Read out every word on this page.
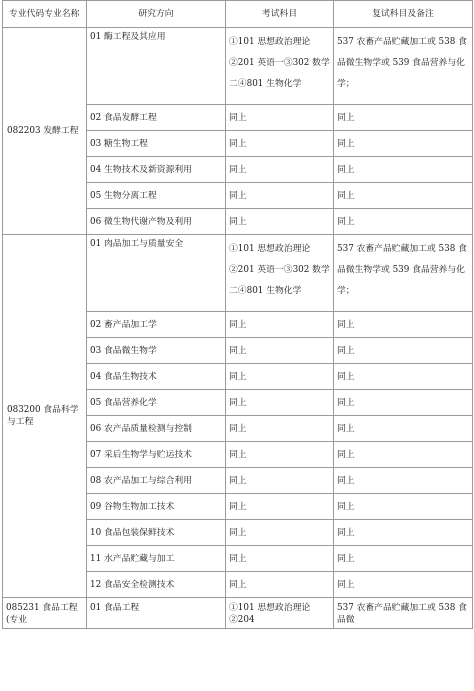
专业代码专业名称	研究方向	考试科目	复试科目及备注
082203 发酵工程	01 酶工程及其应用	①101 思想政治理论②201 英语一③302 数学二④801 生物化学	537 农畜产品贮藏加工或 538 食品微生物学或 539 食品营养与化学；
	02 食品发酵工程	同上	同上
	03 糖生物工程	同上	同上
	04 生物技术及新资源利用	同上	同上
	05 生物分离工程	同上	同上
	06 微生物代谢产物及利用	同上	同上
083200 食品科学与工程	01 肉品加工与质量安全	①101 思想政治理论②201 英语一③302 数学二④801 生物化学	537 农畜产品贮藏加工或 538 食品微生物学或 539 食品营养与化学；
	02 畜产品加工学	同上	同上
	03 食品微生物学	同上	同上
	04 食品生物技术	同上	同上
	05 食品营养化学	同上	同上
	06 农产品质量检测与控制	同上	同上
	07 采后生物学与贮运技术	同上	同上
	08 农产品加工与综合利用	同上	同上
	09 谷物生物加工技术	同上	同上
	10 食品包装保鲜技术	同上	同上
	11 水产品贮藏与加工	同上	同上
	12 食品安全检测技术	同上	同上
085231 食品工程(专业	01 食品工程	①101 思想政治理论②204	537 农畜产品贮藏加工或 538 食品微
